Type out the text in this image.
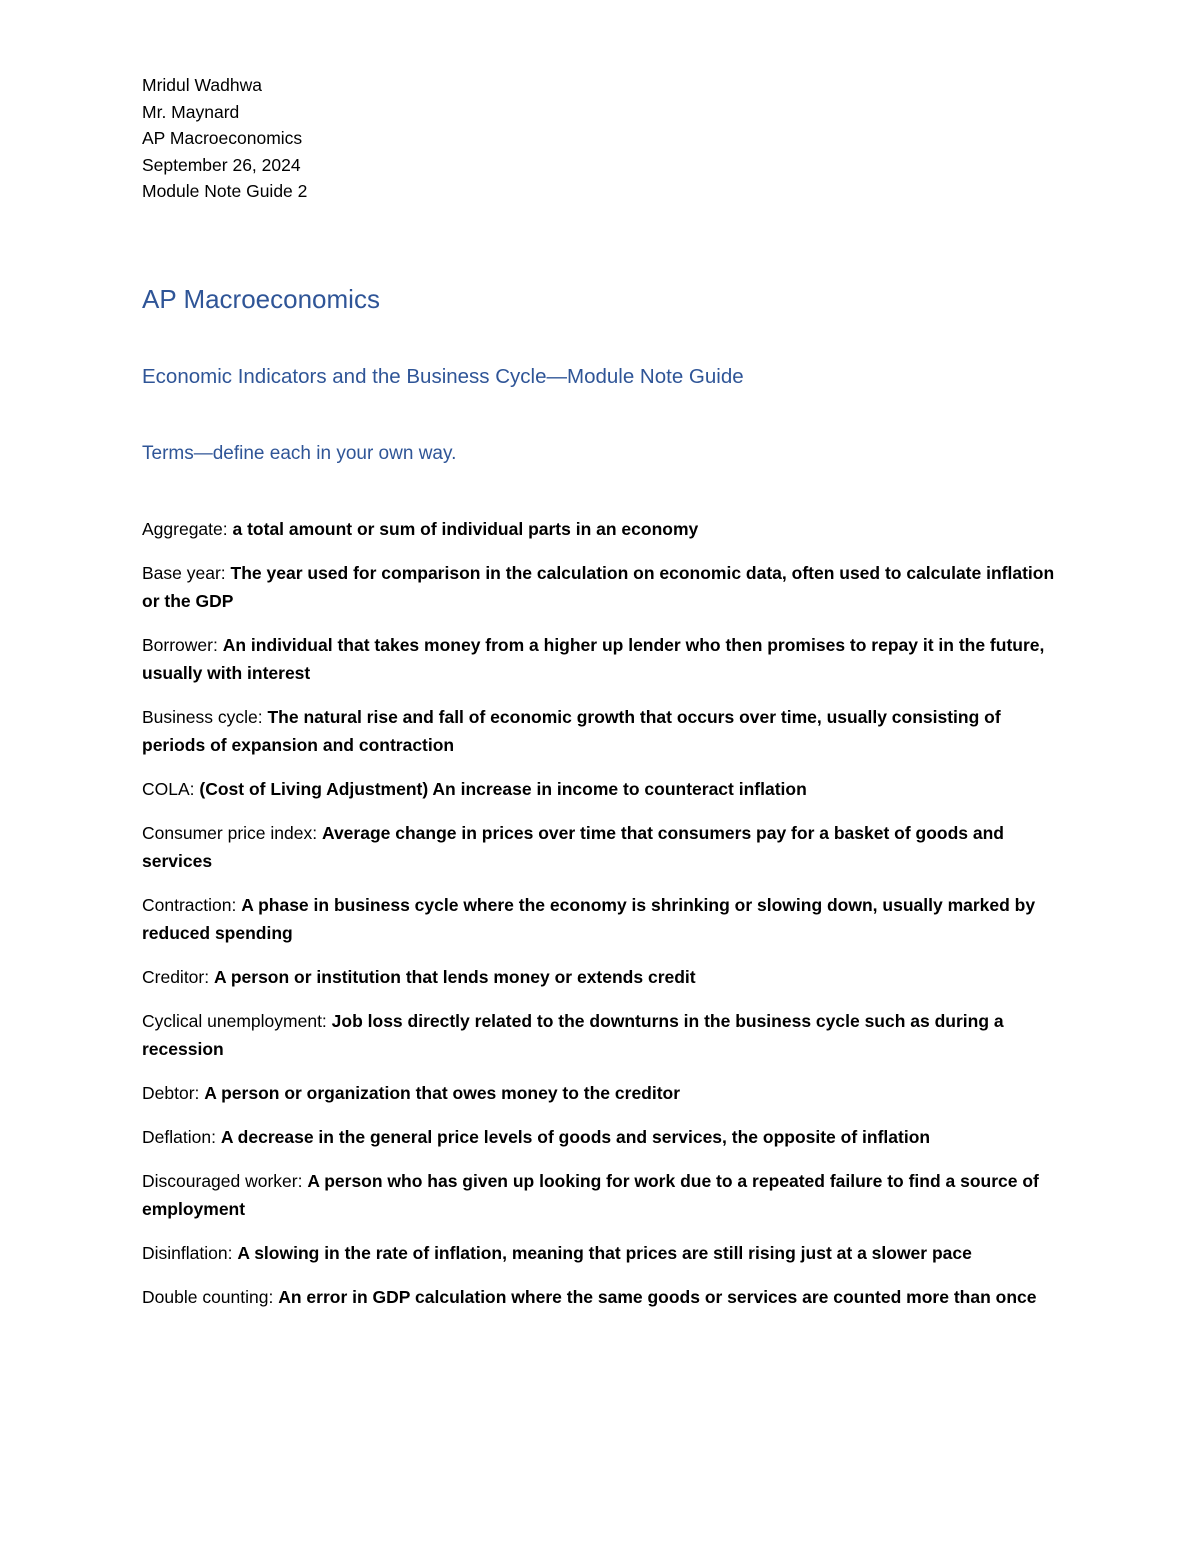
Mridul Wadhwa
Mr. Maynard
AP Macroeconomics
September 26, 2024
Module Note Guide 2
AP Macroeconomics
Economic Indicators and the Business Cycle—Module Note Guide
Terms—define each in your own way.

Aggregate: a total amount or sum of individual parts in an economy

Base year: The year used for comparison in the calculation on economic data, often used to calculate inflation or the GDP

Borrower: An individual that takes money from a higher up lender who then promises to repay it in the future, usually with interest

Business cycle: The natural rise and fall of economic growth that occurs over time, usually consisting of periods of expansion and contraction

COLA: (Cost of Living Adjustment) An increase in income to counteract inflation

Consumer price index: Average change in prices over time that consumers pay for a basket of goods and services

Contraction: A phase in business cycle where the economy is shrinking or slowing down, usually marked by reduced spending

Creditor: A person or institution that lends money or extends credit

Cyclical unemployment: Job loss directly related to the downturns in the business cycle such as during a recession

Debtor: A person or organization that owes money to the creditor

Deflation: A decrease in the general price levels of goods and services, the opposite of inflation

Discouraged worker: A person who has given up looking for work due to a repeated failure to find a source of employment

Disinflation: A slowing in the rate of inflation, meaning that prices are still rising just at a slower pace

Double counting: An error in GDP calculation where the same goods or services are counted more than once
